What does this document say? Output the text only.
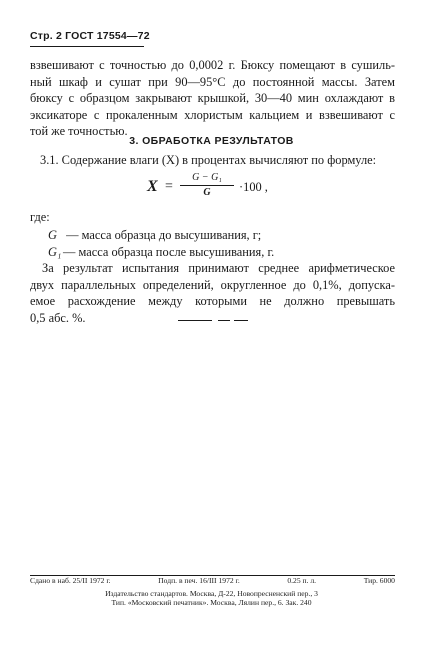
Стр. 2 ГОСТ 17554—72
взвешивают с точностью до 0,0002 г. Бюксу помещают в сушиль-
ный шкаф и сушат при 90—95°С до постоянной массы. Затем
бюксу с образцом закрывают крышкой, 30—40 мин охлаждают в
эксикаторе с прокаленным хлористым кальцием и взвешивают с
той же точностью.
3. ОБРАБОТКА РЕЗУЛЬТАТОВ
3.1. Содержание влаги (X) в процентах вычисляют по формуле:
X =
G − G₁
G	·100 ,
где:
G — масса образца до высушивания, г;
G₁ — масса образца после высушивания, г.
За результат испытания принимают среднее арифметическое
двух параллельных определений, округленное до 0,1%, допуска-
емое расхождение между которыми не должно превышать
0,5 абс. %.
Сдано в наб. 25/II 1972 г.	Подп. в печ. 16/III 1972 г.	0.25 п. л.	Тир. 6000
Издательство стандартов. Москва, Д-22, Новопресненский пер., 3
Тип. «Московский печатник». Москва, Лялин пер., 6. Зак. 240
